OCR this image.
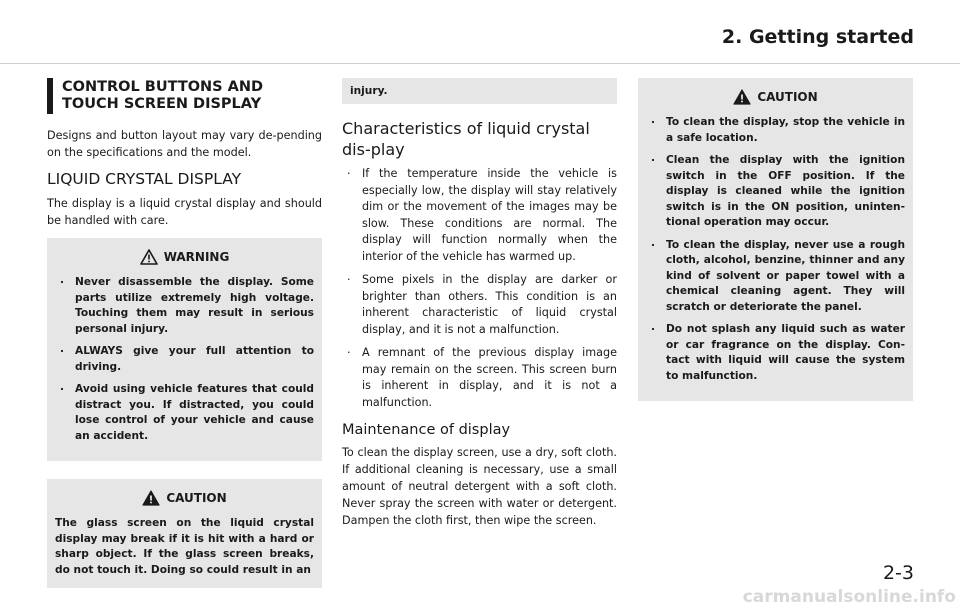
2. Getting started
CONTROL BUTTONS AND TOUCH SCREEN DISPLAY

Designs and button layout may vary de-pending on the specifications and the model.

LIQUID CRYSTAL DISPLAY

The display is a liquid crystal display and should be handled with care.

WARNING
. Never disassemble the display. Some parts utilize extremely high voltage. Touching them may result in serious personal injury.
. ALWAYS give your full attention to driving.
. Avoid using vehicle features that could distract you. If distracted, you could lose control of your vehicle and cause an accident.
CAUTION

The glass screen on the liquid crystal display may break if it is hit with a hard or sharp object. If the glass screen breaks, do not touch it. Doing so could result in an

injury.
Characteristics of liquid crystal dis-play
. If the temperature inside the vehicle is especially low, the display will stay relatively dim or the movement of the images may be slow. These conditions are normal. The display will function normally when the interior of the vehicle has warmed up.
. Some pixels in the display are darker or brighter than others. This condition is an inherent characteristic of liquid crystal display, and it is not a malfunction.
. A remnant of the previous display image may remain on the screen. This screen burn is inherent in display, and it is not a malfunction.
Maintenance of display

To clean the display screen, use a dry, soft cloth. If additional cleaning is necessary, use a small amount of neutral detergent with a soft cloth. Never spray the screen with water or detergent. Dampen the cloth first, then wipe the screen.

CAUTION
. To clean the display, stop the vehicle in a safe location.
. Clean the display with the ignition switch in the OFF position. If the display is cleaned while the ignition switch is in the ON position, uninten-tional operation may occur.
. To clean the display, never use a rough cloth, alcohol, benzine, thinner and any kind of solvent or paper towel with a chemical cleaning agent. They will scratch or deteriorate the panel.
. Do not splash any liquid such as water or car fragrance on the display. Con-tact with liquid will cause the system to malfunction.
2-3
carmanualsonline.info
